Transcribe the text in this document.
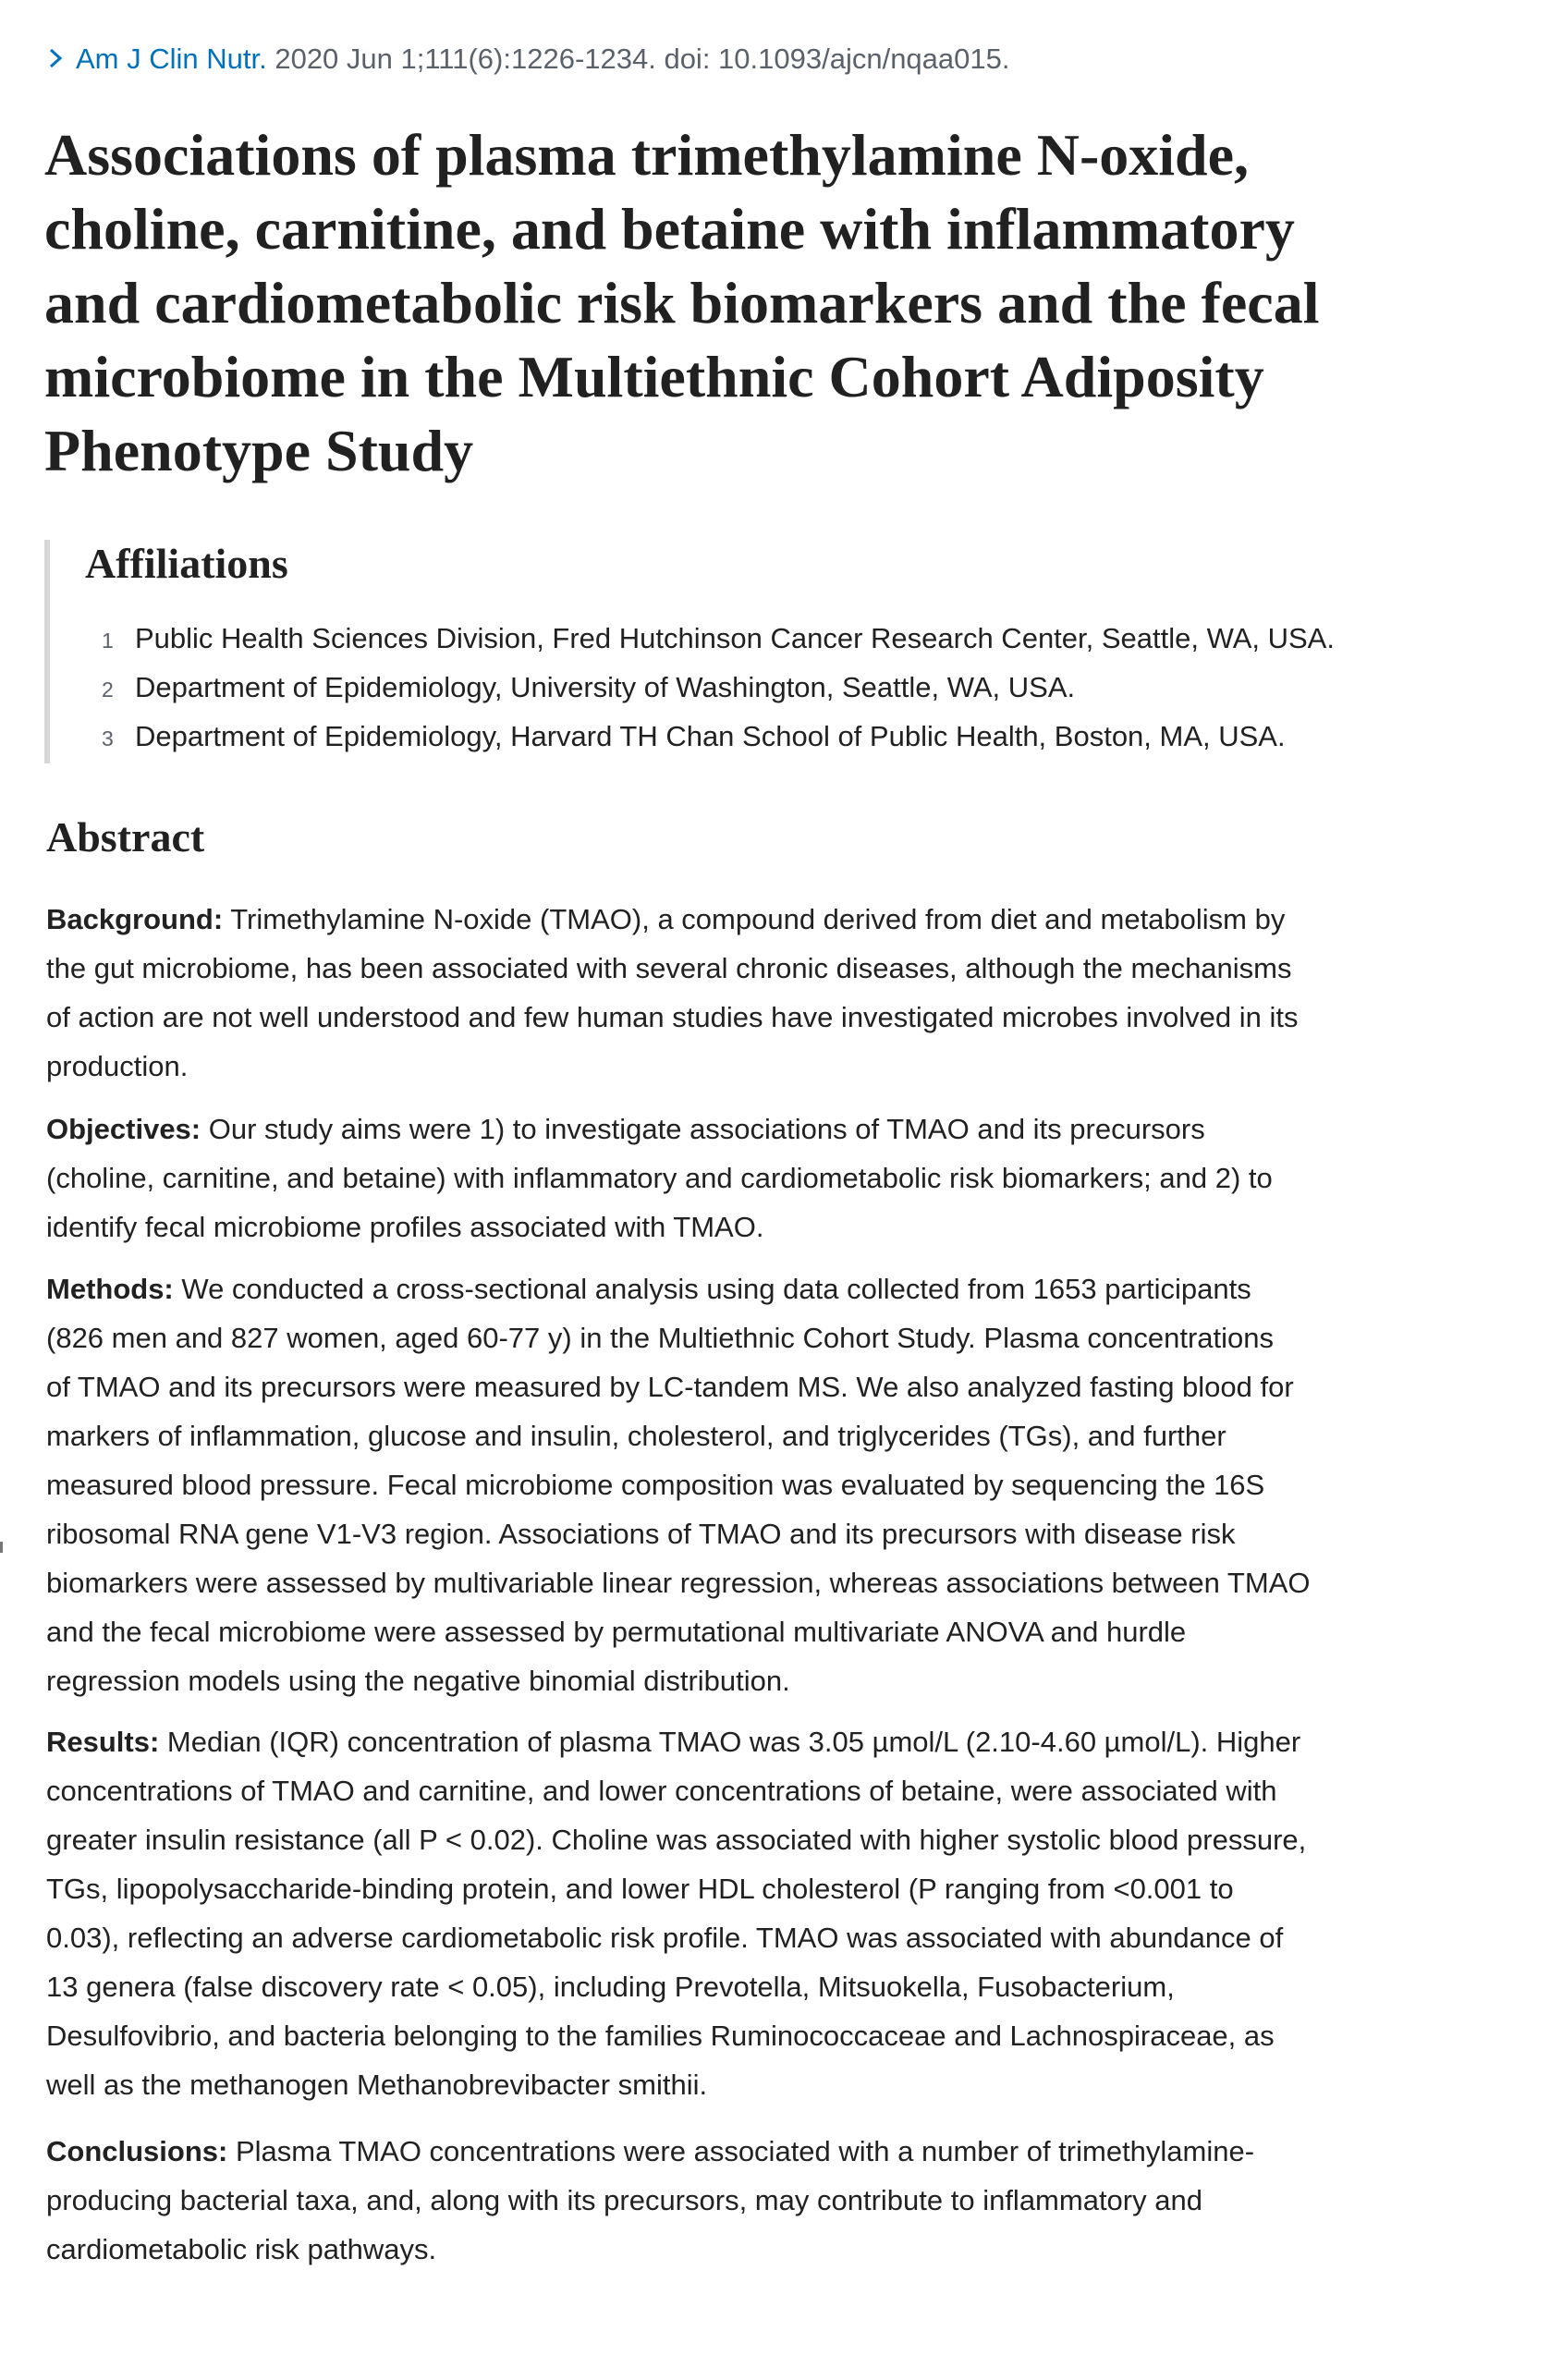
Am J Clin Nutr. 2020 Jun 1;111(6):1226-1234. doi: 10.1093/ajcn/nqaa015.
Associations of plasma trimethylamine N-oxide,
choline, carnitine, and betaine with inflammatory
and cardiometabolic risk biomarkers and the fecal
microbiome in the Multiethnic Cohort Adiposity
Phenotype Study
Affiliations
1 Public Health Sciences Division, Fred Hutchinson Cancer Research Center, Seattle, WA, USA.
2 Department of Epidemiology, University of Washington, Seattle, WA, USA.
3 Department of Epidemiology, Harvard TH Chan School of Public Health, Boston, MA, USA.
Abstract
Background: Trimethylamine N-oxide (TMAO), a compound derived from diet and metabolism by
the gut microbiome, has been associated with several chronic diseases, although the mechanisms
of action are not well understood and few human studies have investigated microbes involved in its
production.
Objectives: Our study aims were 1) to investigate associations of TMAO and its precursors
(choline, carnitine, and betaine) with inflammatory and cardiometabolic risk biomarkers; and 2) to
identify fecal microbiome profiles associated with TMAO.
Methods: We conducted a cross-sectional analysis using data collected from 1653 participants
(826 men and 827 women, aged 60-77 y) in the Multiethnic Cohort Study. Plasma concentrations
of TMAO and its precursors were measured by LC-tandem MS. We also analyzed fasting blood for
markers of inflammation, glucose and insulin, cholesterol, and triglycerides (TGs), and further
measured blood pressure. Fecal microbiome composition was evaluated by sequencing the 16S
ribosomal RNA gene V1-V3 region. Associations of TMAO and its precursors with disease risk
biomarkers were assessed by multivariable linear regression, whereas associations between TMAO
and the fecal microbiome were assessed by permutational multivariate ANOVA and hurdle
regression models using the negative binomial distribution.
Results: Median (IQR) concentration of plasma TMAO was 3.05 µmol/L (2.10-4.60 µmol/L). Higher
concentrations of TMAO and carnitine, and lower concentrations of betaine, were associated with
greater insulin resistance (all P < 0.02). Choline was associated with higher systolic blood pressure,
TGs, lipopolysaccharide-binding protein, and lower HDL cholesterol (P ranging from <0.001 to
0.03), reflecting an adverse cardiometabolic risk profile. TMAO was associated with abundance of
13 genera (false discovery rate < 0.05), including Prevotella, Mitsuokella, Fusobacterium,
Desulfovibrio, and bacteria belonging to the families Ruminococcaceae and Lachnospiraceae, as
well as the methanogen Methanobrevibacter smithii.
Conclusions: Plasma TMAO concentrations were associated with a number of trimethylamine-
producing bacterial taxa, and, along with its precursors, may contribute to inflammatory and
cardiometabolic risk pathways.
